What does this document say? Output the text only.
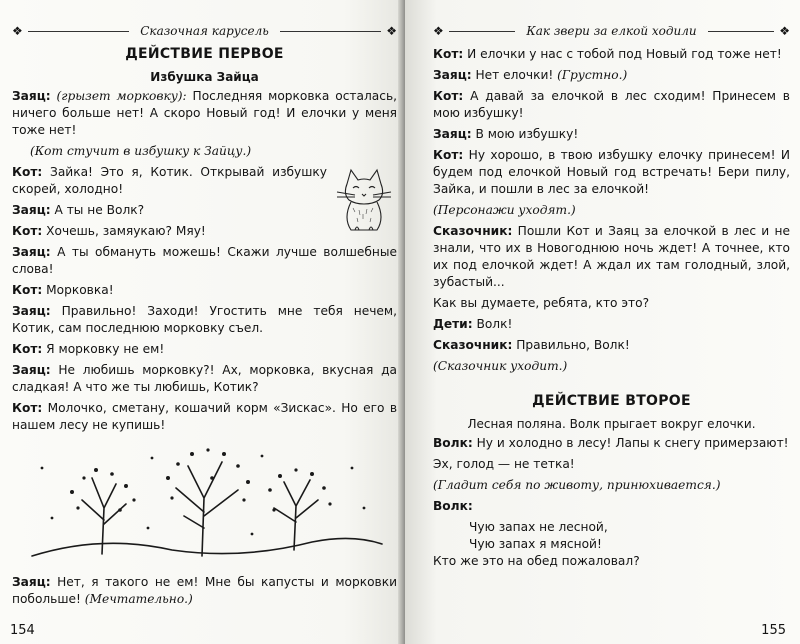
❖	Сказочная карусель	❖
ДЕЙСТВИЕ ПЕРВОЕ
Избушка Зайца

Заяц: (грызет морковку): Последняя морковка осталась, ничего больше нет! А скоро Новый год! И елочки у меня тоже нет!

(Кот стучит в избушку к Зайцу.)

Кот: Зайка! Это я, Котик. Открывай избушку скорей, холодно!

Заяц: А ты не Волк?

Кот: Хочешь, замяукаю? Мяу!

Заяц: А ты обмануть можешь! Скажи лучше волшебные слова!

Кот: Морковка!

Заяц: Правильно! Заходи! Угостить мне тебя нечем, Котик, сам последнюю морковку съел.

Кот: Я морковку не ем!

Заяц: Не любишь морковку?! Ах, морковка, вкусная да сладкая! А что же ты любишь, Котик?

Кот: Молочко, сметану, кошачий корм «Зискас». Но его в нашем лесу не купишь!

Заяц: Нет, я такого не ем! Мне бы капусты и морковки побольше! (Мечтательно.)

154
❖	Как звери за елкой ходили	❖

Кот: И елочки у нас с тобой под Новый год тоже нет!

Заяц: Нет елочки! (Грустно.)

Кот: А давай за елочкой в лес сходим! Принесем в мою избушку!

Заяц: В мою избушку!

Кот: Ну хорошо, в твою избушку елочку принесем! И будем под елочкой Новый год встречать! Бери пилу, Зайка, и пошли в лес за елочкой!

(Персонажи уходят.)

Сказочник: Пошли Кот и Заяц за елочкой в лес и не знали, что их в Новогоднюю ночь ждет! А точнее, кто их под елочкой ждет! А ждал их там голодный, злой, зубастый...

Как вы думаете, ребята, кто это?

Дети: Волк!

Сказочник: Правильно, Волк!

(Сказочник уходит.)

ДЕЙСТВИЕ ВТОРОЕ
Лесная поляна. Волк прыгает вокруг елочки.

Волк: Ну и холодно в лесу! Лапы к снегу примерзают!

Эх, голод — не тетка!

(Гладит себя по животу, принюхивается.)

Волк:

Чую запах не лесной,

Чую запах я мясной!

Кто же это на обед пожаловал?

155
